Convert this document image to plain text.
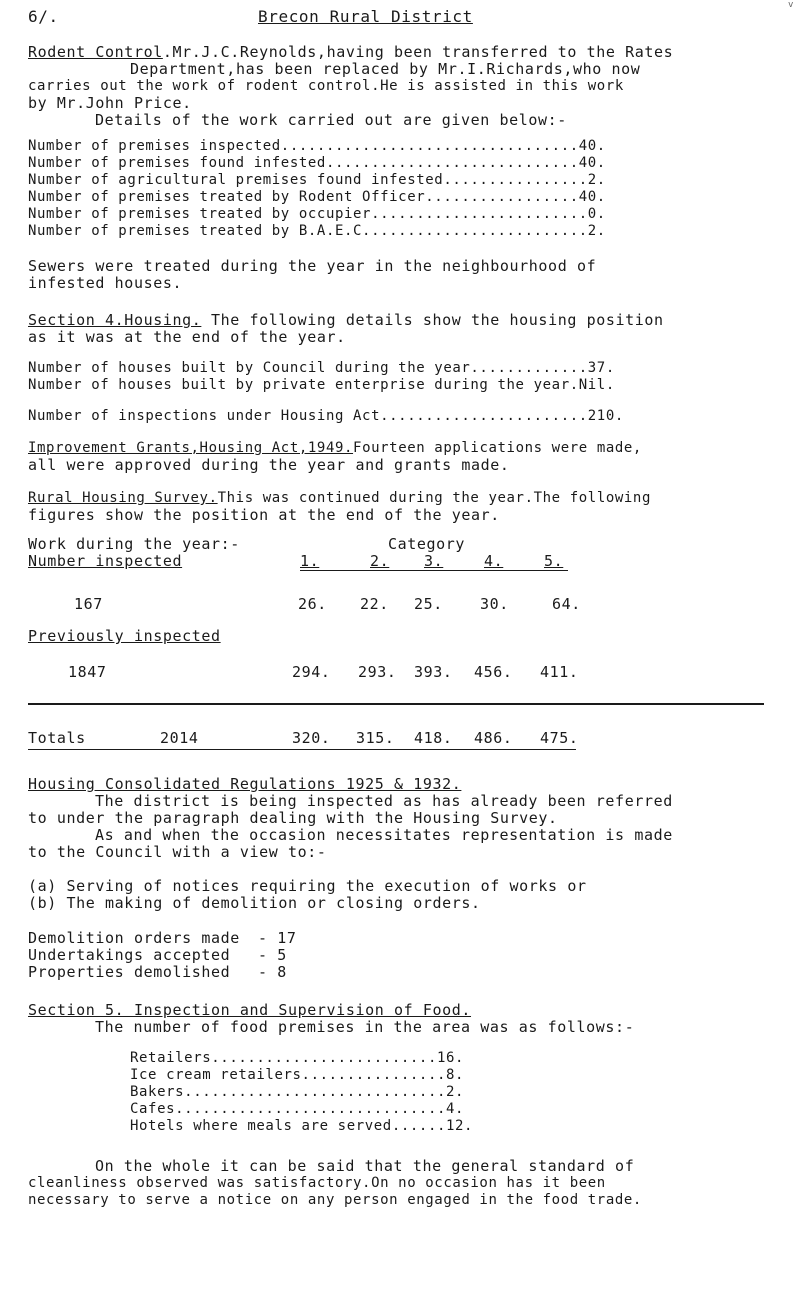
6/.	Brecon Rural District
v
Rodent Control.Mr.J.C.Reynolds,having been transferred to the Rates
Department,has been replaced by Mr.I.Richards,who now
carries out the work of rodent control.He is assisted in this work
by Mr.John Price.
Details of the work carried out are given below:-
Number of premises inspected.................................40.
Number of premises found infested............................40.
Number of agricultural premises found infested................2.
Number of premises treated by Rodent Officer.................40.
Number of premises treated by occupier........................0.
Number of premises treated by B.A.E.C.........................2.
Sewers were treated during the year in the neighbourhood of
infested houses.
Section 4.Housing. The following details show the housing position
as it was at the end of the year.
Number of houses built by Council during the year.............37.
Number of houses built by private enterprise during the year.Nil.
Number of inspections under Housing Act.......................210.
Improvement Grants,Housing Act,1949.Fourteen applications were made,
all were approved during the year and grants made.
Rural Housing Survey.This was continued during the year.The following
figures show the position at the end of the year.
Work during the year:-
Number inspected
Category
1.	2. 3.	4.	5.
167	26. 22. 25. 30.	64.
Previously inspected
1847	294. 293. 393. 456. 411.
Totals	2014	320. 315. 418. 486. 475.
Housing Consolidated Regulations 1925 & 1932.
The district is being inspected as has already been referred
to under the paragraph dealing with the Housing Survey.
As and when the occasion necessitates representation is made
to the Council with a view to:-
(a) Serving of notices requiring the execution of works or
(b) The making of demolition or closing orders.
Demolition orders made - 17
Undertakings accepted - 5
Properties demolished - 8
Section 5. Inspection and Supervision of Food.
The number of food premises in the area was as follows:-
Retailers.........................16.
Ice cream retailers................8.
Bakers.............................2.
Cafes..............................4.
Hotels where meals are served......12.
On the whole it can be said that the general standard of
cleanliness observed was satisfactory.On no occasion has it been
necessary to serve a notice on any person engaged in the food trade.
